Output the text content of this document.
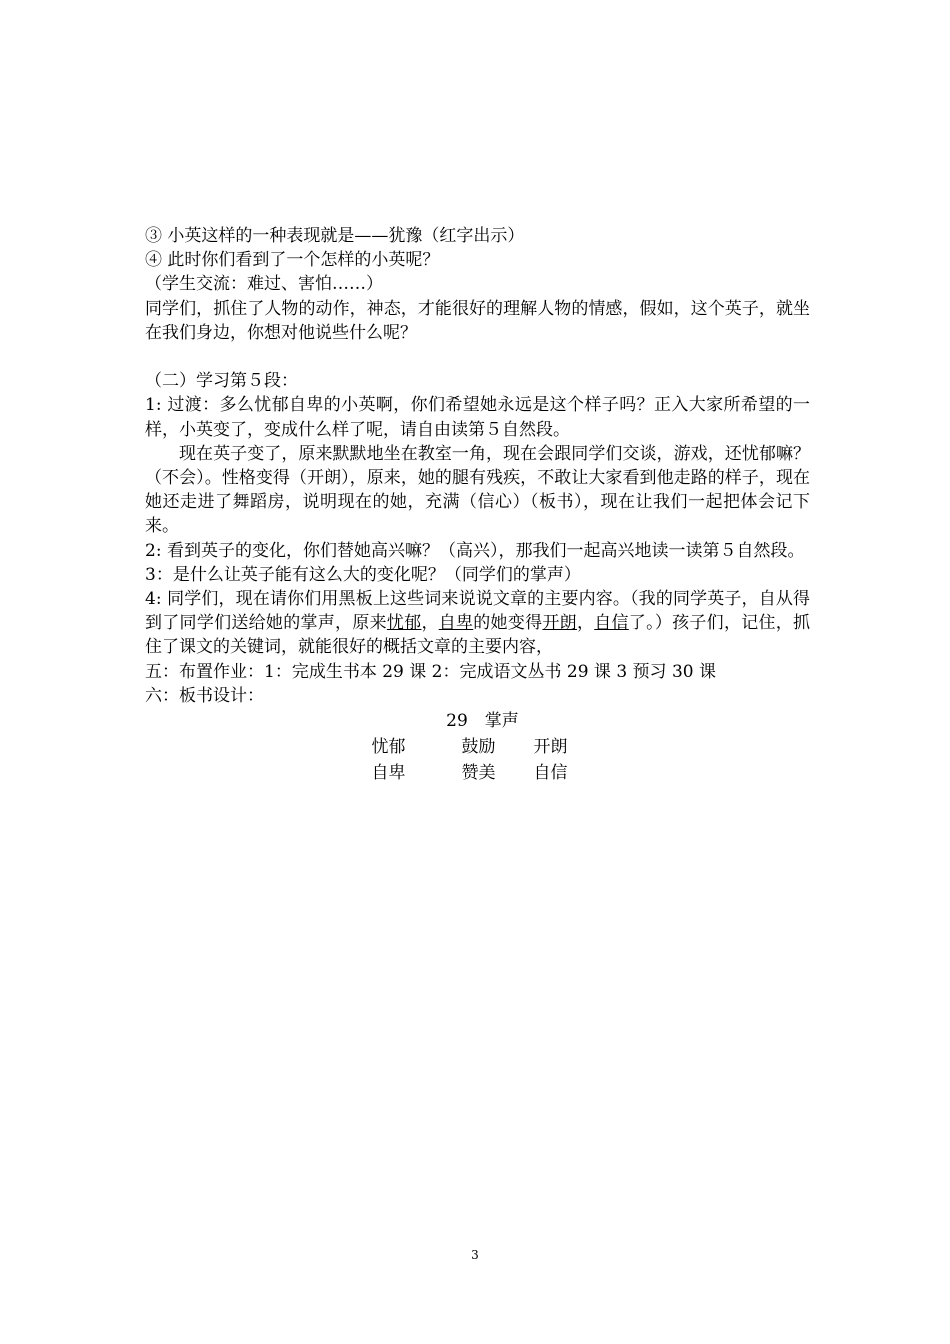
③ 小英这样的一种表现就是——犹豫（红字出示）

④ 此时你们看到了一个怎样的小英呢？

（学生交流：难过、害怕……）

同学们，抓住了人物的动作，神态，才能很好的理解人物的情感，假如，这个英子，就坐在我们身边，你想对他说些什么呢？

（二）学习第５段：

1: 过渡：多么忧郁自卑的小英啊，你们希望她永远是这个样子吗？正入大家所希望的一样，小英变了，变成什么样了呢，请自由读第５自然段。

现在英子变了，原来默默地坐在教室一角，现在会跟同学们交谈，游戏，还忧郁嘛？（不会）。性格变得（开朗），原来，她的腿有残疾，不敢让大家看到他走路的样子，现在她还走进了舞蹈房，说明现在的她，充满（信心）（板书），现在让我们一起把体会记下来。

2: 看到英子的变化，你们替她高兴嘛？（高兴），那我们一起高兴地读一读第５自然段。

3：是什么让英子能有这么大的变化呢？（同学们的掌声）

4: 同学们，现在请你们用黑板上这些词来说说文章的主要内容。（我的同学英子，自从得到了同学们送给她的掌声，原来忧郁，自卑的她变得开朗，自信了。）孩子们，记住，抓住了课文的关键词，就能很好的概括文章的主要内容，

五：布置作业：1：完成生书本 29 课 2：完成语文丛书 29 课 3 预习 30 课

六：板书设计：

29　掌声
忧郁	鼓励	开朗
自卑	赞美	自信
3
